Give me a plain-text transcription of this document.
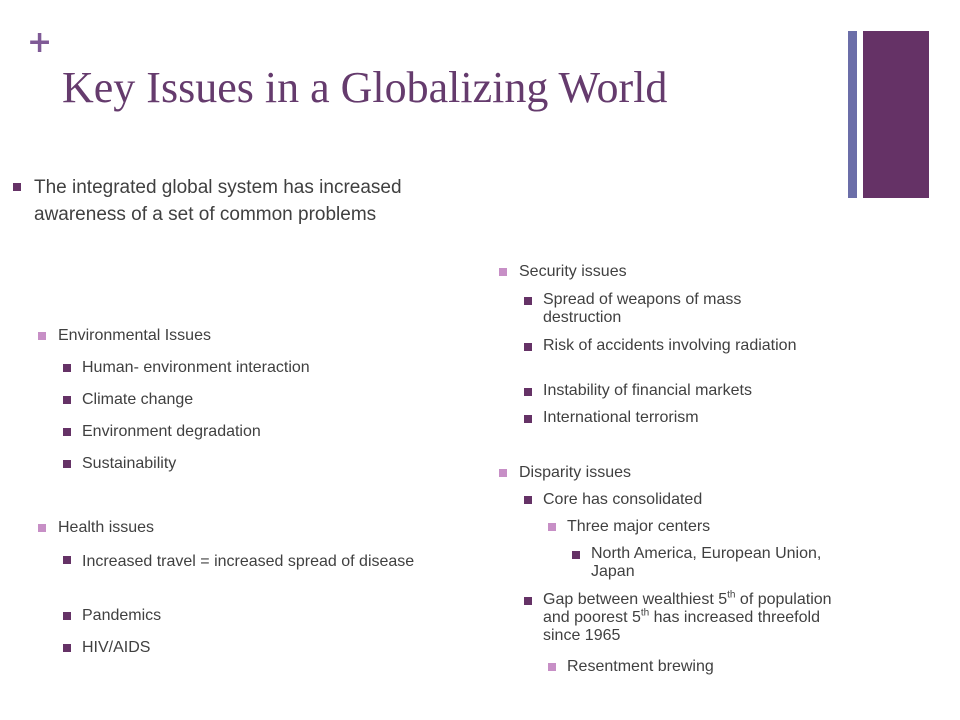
+
Key Issues in a Globalizing World

The integrated global system has increased awareness of a set of common problems

Environmental Issues

Human- environment interaction

Climate change

Environment degradation

Sustainability

Health issues

Increased travel = increased spread of disease

Pandemics

HIV/AIDS

Security issues

Spread of weapons of mass destruction

Risk of accidents involving radiation

Instability of financial markets

International terrorism

Disparity issues

Core has consolidated

Three major centers

North America, European Union, Japan

Gap between wealthiest 5th of population and poorest 5th has increased threefold since 1965

Resentment brewing
